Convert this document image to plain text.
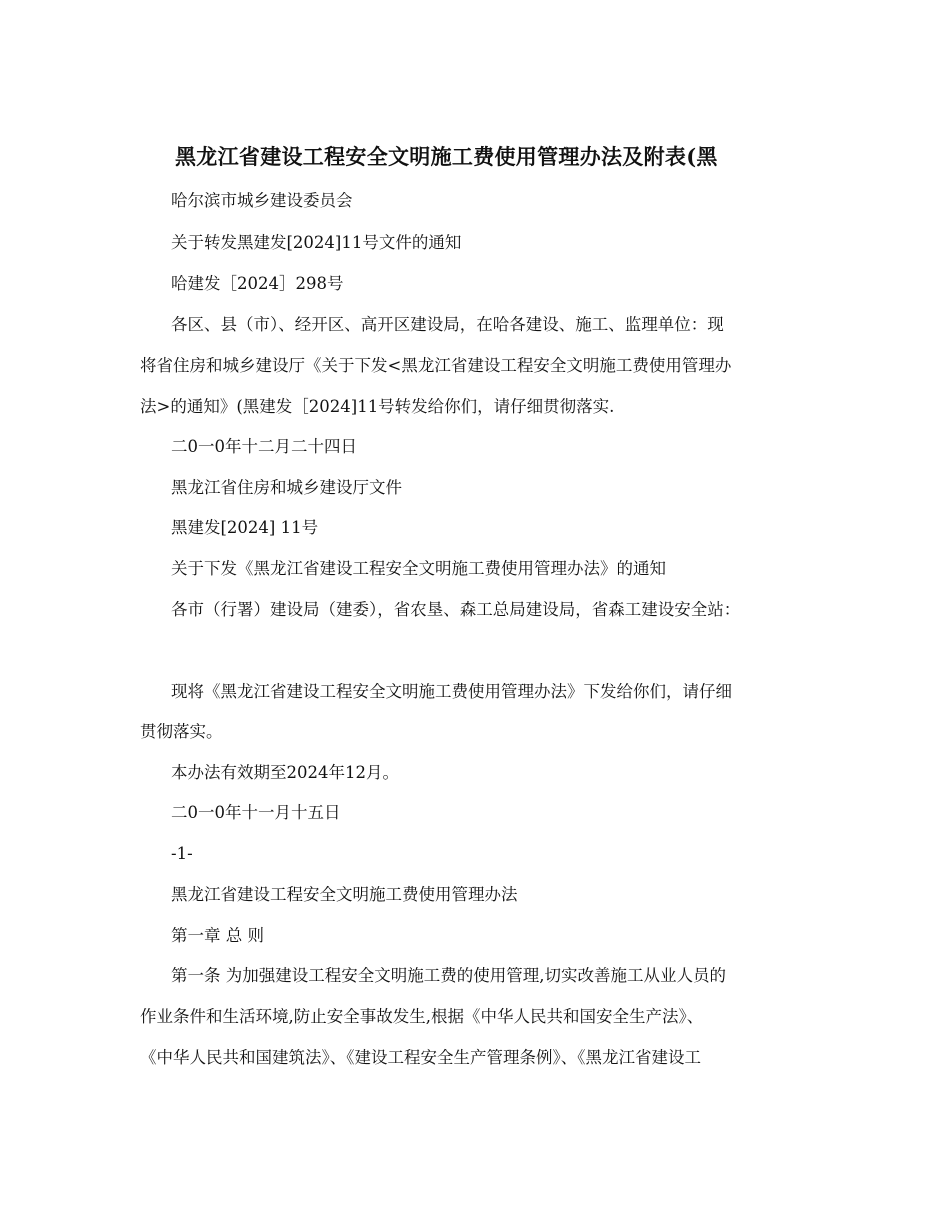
黑龙江省建设工程安全文明施工费使用管理办法及附表(黑
哈尔滨市城乡建设委员会
关于转发黑建发[2024]11号文件的通知
哈建发［2024］298号
各区、县（市）、经开区、高开区建设局，在哈各建设、施工、监理单位：现
将省住房和城乡建设厅《关于下发<黑龙江省建设工程安全文明施工费使用管理办
法>的通知》(黑建发［2024]11号转发给你们，请仔细贯彻落实.
二0一0年十二月二十四日
黑龙江省住房和城乡建设厅文件
黑建发[2024] 11号
关于下发《黑龙江省建设工程安全文明施工费使用管理办法》的通知
各市（行署）建设局（建委），省农垦、森工总局建设局，省森工建设安全站：
现将《黑龙江省建设工程安全文明施工费使用管理办法》下发给你们，请仔细
贯彻落实。
本办法有效期至2024年12月。
二0一0年十一月十五日
-1-
黑龙江省建设工程安全文明施工费使用管理办法
第一章 总 则
第一条 为加强建设工程安全文明施工费的使用管理,切实改善施工从业人员的
作业条件和生活环境,防止安全事故发生,根据《中华人民共和国安全生产法》、
《中华人民共和国建筑法》、《建设工程安全生产管理条例》、《黑龙江省建设工
